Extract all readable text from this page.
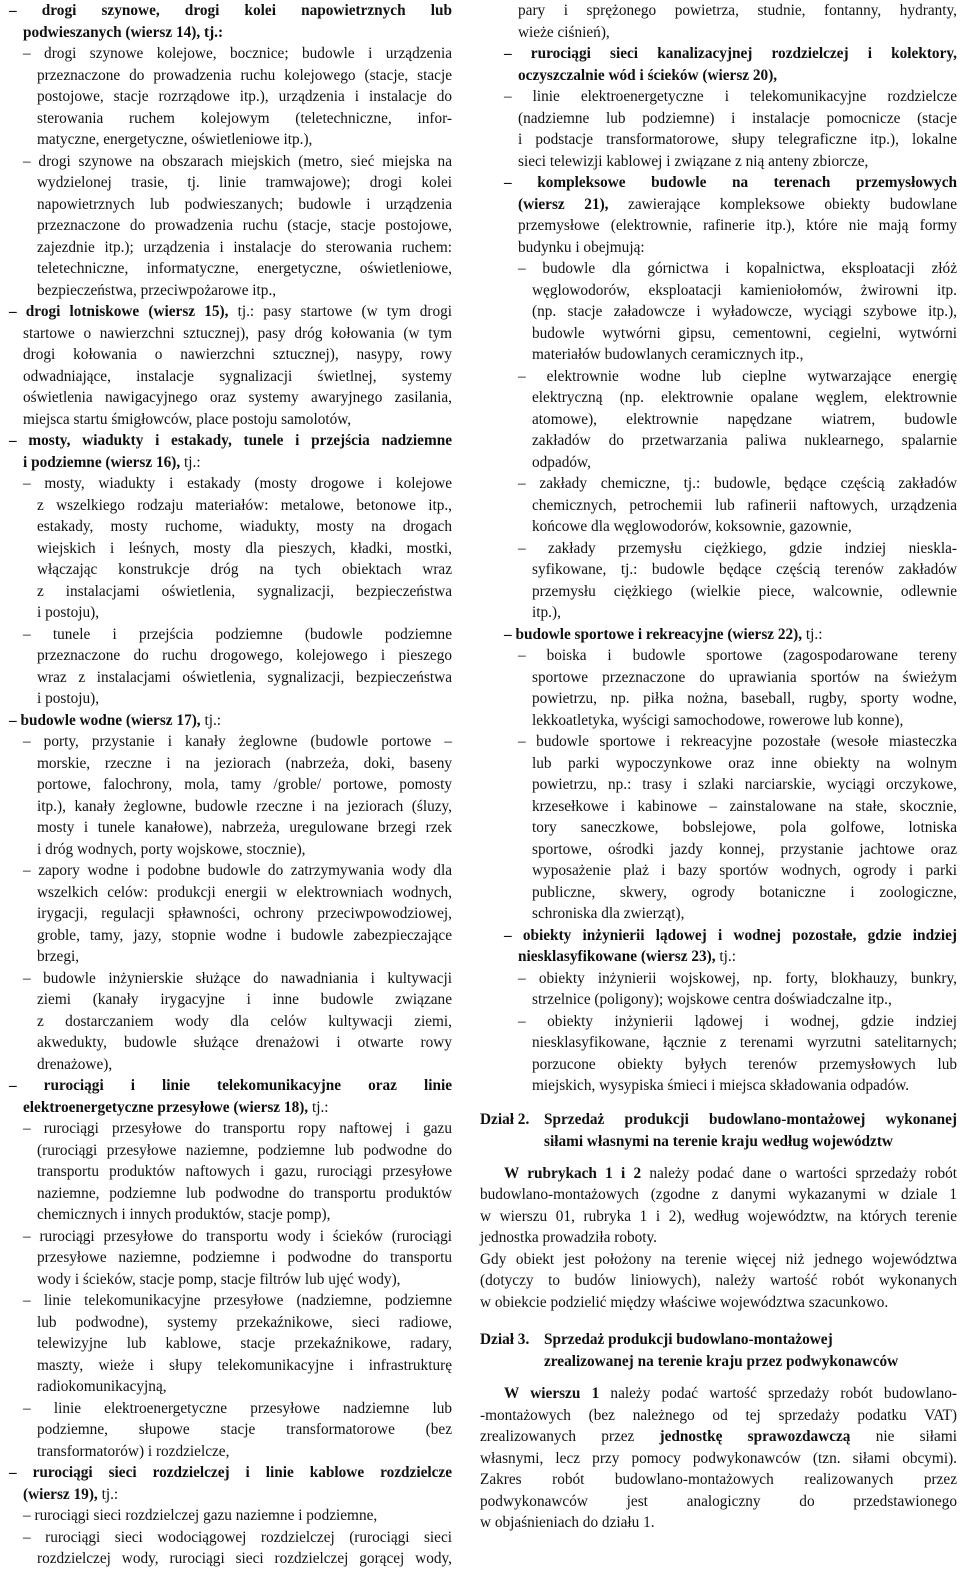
– drogi szynowe, drogi kolei napowietrznych lub
podwieszanych (wiersz 14), tj.:
– drogi szynowe kolejowe, bocznice; budowle i urządzenia
przeznaczone do prowadzenia ruchu kolejowego (stacje, stacje
postojowe, stacje rozrządowe itp.), urządzenia i instalacje do
sterowania ruchem kolejowym (teletechniczne, infor-
matyczne, energetyczne, oświetleniowe itp.),
– drogi szynowe na obszarach miejskich (metro, sieć miejska na
wydzielonej trasie, tj. linie tramwajowe); drogi kolei
napowietrznych lub podwieszanych; budowle i urządzenia
przeznaczone do prowadzenia ruchu (stacje, stacje postojowe,
zajezdnie itp.); urządzenia i instalacje do sterowania ruchem:
teletechniczne, informatyczne, energetyczne, oświetleniowe,
bezpieczeństwa, przeciwpożarowe itp.,
– drogi lotniskowe (wiersz 15), tj.: pasy startowe (w tym drogi
startowe o nawierzchni sztucznej), pasy dróg kołowania (w tym
drogi kołowania o nawierzchni sztucznej), nasypy, rowy
odwadniające, instalacje sygnalizacji świetlnej, systemy
oświetlenia nawigacyjnego oraz systemy awaryjnego zasilania,
miejsca startu śmigłowców, place postoju samolotów,
– mosty, wiadukty i estakady, tunele i przejścia nadziemne
i podziemne (wiersz 16), tj.:
– mosty, wiadukty i estakady (mosty drogowe i kolejowe
z wszelkiego rodzaju materiałów: metalowe, betonowe itp.,
estakady, mosty ruchome, wiadukty, mosty na drogach
wiejskich i leśnych, mosty dla pieszych, kładki, mostki,
włączając konstrukcje dróg na tych obiektach wraz
z instalacjami oświetlenia, sygnalizacji, bezpieczeństwa
i postoju),
– tunele i przejścia podziemne (budowle podziemne
przeznaczone do ruchu drogowego, kolejowego i pieszego
wraz z instalacjami oświetlenia, sygnalizacji, bezpieczeństwa
i postoju),
– budowle wodne (wiersz 17), tj.:
– porty, przystanie i kanały żeglowne (budowle portowe –
morskie, rzeczne i na jeziorach (nabrzeża, doki, baseny
portowe, falochrony, mola, tamy /groble/ portowe, pomosty
itp.), kanały żeglowne, budowle rzeczne i na jeziorach (śluzy,
mosty i tunele kanałowe), nabrzeża, uregulowane brzegi rzek
i dróg wodnych, porty wojskowe, stocznie),
– zapory wodne i podobne budowle do zatrzymywania wody dla
wszelkich celów: produkcji energii w elektrowniach wodnych,
irygacji, regulacji spławności, ochrony przeciwpowodziowej,
groble, tamy, jazy, stopnie wodne i budowle zabezpieczające
brzegi,
– budowle inżynierskie służące do nawadniania i kultywacji
ziemi (kanały irygacyjne i inne budowle związane
z dostarczaniem wody dla celów kultywacji ziemi,
akwedukty, budowle służące drenażowi i otwarte rowy
drenażowe),
– rurociągi i linie telekomunikacyjne oraz linie
elektroenergetyczne przesyłowe (wiersz 18), tj.:
– rurociągi przesyłowe do transportu ropy naftowej i gazu
(rurociągi przesyłowe naziemne, podziemne lub podwodne do
transportu produktów naftowych i gazu, rurociągi przesyłowe
naziemne, podziemne lub podwodne do transportu produktów
chemicznych i innych produktów, stacje pomp),
– rurociągi przesyłowe do transportu wody i ścieków (rurociągi
przesyłowe naziemne, podziemne i podwodne do transportu
wody i ścieków, stacje pomp, stacje filtrów lub ujęć wody),
– linie telekomunikacyjne przesyłowe (nadziemne, podziemne
lub podwodne), systemy przekaźnikowe, sieci radiowe,
telewizyjne lub kablowe, stacje przekaźnikowe, radary,
maszty, wieże i słupy telekomunikacyjne i infrastrukturę
radiokomunikacyjną,
– linie elektroenergetyczne przesyłowe nadziemne lub
podziemne, słupowe stacje transformatorowe (bez
transformatorów) i rozdzielcze,
– rurociągi sieci rozdzielczej i linie kablowe rozdzielcze
(wiersz 19), tj.:
– rurociągi sieci rozdzielczej gazu naziemne i podziemne,
– rurociągi sieci wodociągowej rozdzielczej (rurociągi sieci
rozdzielczej wody, rurociągi sieci rozdzielczej gorącej wody,
pary i sprężonego powietrza, studnie, fontanny, hydranty,
wieże ciśnień),
– rurociągi sieci kanalizacyjnej rozdzielczej i kolektory,
oczyszczalnie wód i ścieków (wiersz 20),
– linie elektroenergetyczne i telekomunikacyjne rozdzielcze
(nadziemne lub podziemne) i instalacje pomocnicze (stacje
i podstacje transformatorowe, słupy telegraficzne itp.), lokalne
sieci telewizji kablowej i związane z nią anteny zbiorcze,
– kompleksowe budowle na terenach przemysłowych
(wiersz 21), zawierające kompleksowe obiekty budowlane
przemysłowe (elektrownie, rafinerie itp.), które nie mają formy
budynku i obejmują:
– budowle dla górnictwa i kopalnictwa, eksploatacji złóż
węglowodorów, eksploatacji kamieniołomów, żwirowni itp.
(np. stacje załadowcze i wyładowcze, wyciągi szybowe itp.),
budowle wytwórni gipsu, cementowni, cegielni, wytwórni
materiałów budowlanych ceramicznych itp.,
– elektrownie wodne lub cieplne wytwarzające energię
elektryczną (np. elektrownie opalane węglem, elektrownie
atomowe), elektrownie napędzane wiatrem, budowle
zakładów do przetwarzania paliwa nuklearnego, spalarnie
odpadów,
– zakłady chemiczne, tj.: budowle, będące częścią zakładów
chemicznych, petrochemii lub rafinerii naftowych, urządzenia
końcowe dla węglowodorów, koksownie, gazownie,
– zakłady przemysłu ciężkiego, gdzie indziej niesklа-
syfikowane, tj.: budowle będące częścią terenów zakładów
przemysłu ciężkiego (wielkie piece, walcownie, odlewnie
itp.),
– budowle sportowe i rekreacyjne (wiersz 22), tj.:
– boiska i budowle sportowe (zagospodarowane tereny
sportowe przeznaczone do uprawiania sportów na świeżym
powietrzu, np. piłka nożna, baseball, rugby, sporty wodne,
lekkoatletyka, wyścigi samochodowe, rowerowe lub konne),
– budowle sportowe i rekreacyjne pozostałe (wesołe miasteczka
lub parki wypoczynkowe oraz inne obiekty na wolnym
powietrzu, np.: trasy i szlaki narciarskie, wyciągi orczykowe,
krzesełkowe i kabinowe – zainstalowane na stałe, skocznie,
tory saneczkowe, bobslejowe, pola golfowe, lotniska
sportowe, ośrodki jazdy konnej, przystanie jachtowe oraz
wyposażenie plaż i bazy sportów wodnych, ogrody i parki
publiczne, skwery, ogrody botaniczne i zoologiczne,
schroniska dla zwierząt),
– obiekty inżynierii lądowej i wodnej pozostałe, gdzie indziej
niesklasyfikowane (wiersz 23), tj.:
– obiekty inżynierii wojskowej, np. forty, blokhauzy, bunkry,
strzelnice (poligony); wojskowe centra doświadczalne itp.,
– obiekty inżynierii lądowej i wodnej, gdzie indziej
niesklasyfikowane, łącznie z terenami wyrzutni satelitarnych;
porzucone obiekty byłych terenów przemysłowych lub
miejskich, wysypiska śmieci i miejsca składowania odpadów.
Dział 2. Sprzedaż produkcji budowlano-montażowej wykonanej
siłami własnymi na terenie kraju według województw
W rubrykach 1 i 2 należy podać dane o wartości sprzedaży robót
budowlano-montażowych (zgodne z danymi wykazanymi w dziale 1
w wierszu 01, rubryka 1 i 2), według województw, na których terenie
jednostka prowadziła roboty.
Gdy obiekt jest położony na terenie więcej niż jednego województwa
(dotyczy to budów liniowych), należy wartość robót wykonanych
w obiekcie podzielić między właściwe województwa szacunkowo.
Dział 3. Sprzedaż produkcji budowlano-montażowej
zrealizowanej na terenie kraju przez podwykonawców
W wierszu 1 należy podać wartość sprzedaży robót budowlano-
-montażowych (bez należnego od tej sprzedaży podatku VAT)
zrealizowanych przez jednostkę sprawozdawczą nie siłami
własnymi, lecz przy pomocy podwykonawców (tzn. siłami obcymi).
Zakres robót budowlano-montażowych realizowanych przez
podwykonawców jest analogiczny do przedstawionego
w objaśnieniach do działu 1.
